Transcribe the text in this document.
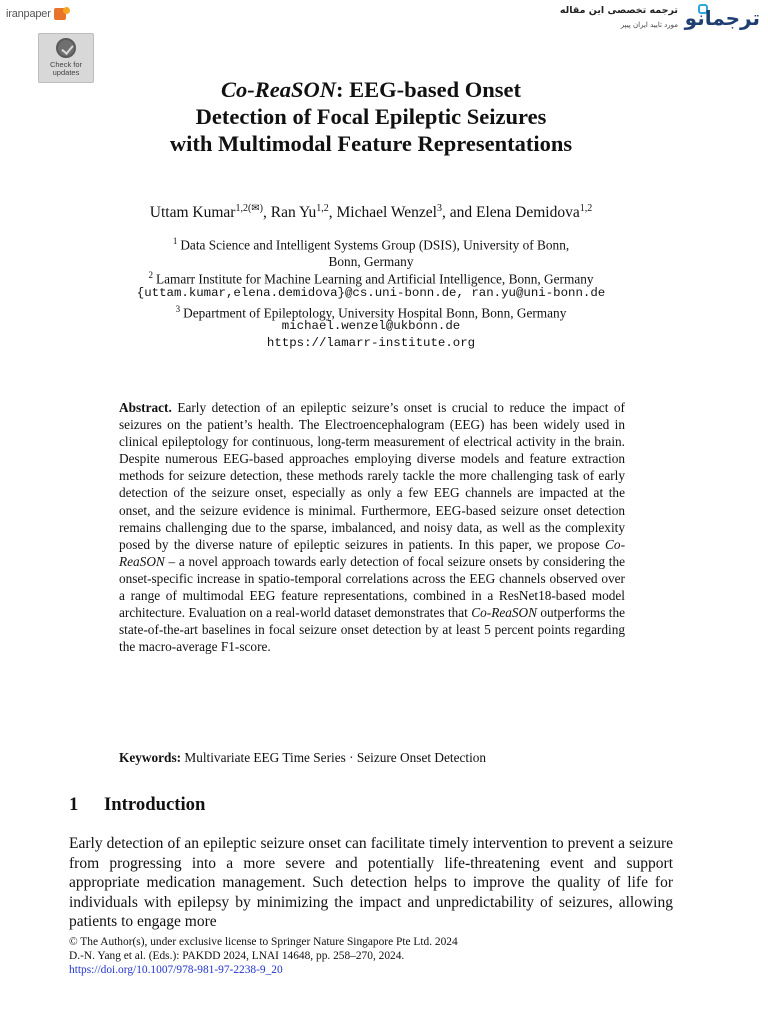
iranpaper
Check for
updates
ترجمه تخصصی این مقاله
مورد تایید ایران پیپر ترجمانو
Co-ReaSON: EEG-based Onset
Detection of Focal Epileptic Seizures
with Multimodal Feature Representations
Uttam Kumar$^{1,2(✉)}$, Ran Yu$^{1,2}$, Michael Wenzel$^3$, and Elena Demidova$^{1,2}$
$^1$ Data Science and Intelligent Systems Group (DSIS), University of Bonn,
Bonn, Germany
$^2$ Lamarr Institute for Machine Learning and Artificial Intelligence, Bonn, Germany
{uttam.kumar,elena.demidova}@cs.uni-bonn.de, ran.yu@uni-bonn.de
$^3$ Department of Epileptology, University Hospital Bonn, Bonn, Germany
michael.wenzel@ukbonn.de
https://lamarr-institute.org
Abstract. Early detection of an epileptic seizure’s onset is crucial to reduce the impact of seizures on the patient’s health. The Electroencephalogram (EEG) has been widely used in clinical epileptology for continuous, long-term measurement of electrical activity in the brain. Despite numerous EEG-based approaches employing diverse models and feature extraction methods for seizure detection, these methods rarely tackle the more challenging task of early detection of the seizure onset, especially as only a few EEG channels are impacted at the onset, and the seizure evidence is minimal. Furthermore, EEG-based seizure onset detection remains challenging due to the sparse, imbalanced, and noisy data, as well as the complexity posed by the diverse nature of epileptic seizures in patients. In this paper, we propose Co-ReaSON – a novel approach towards early detection of focal seizure onsets by considering the onset-specific increase in spatio-temporal correlations across the EEG channels observed over a range of multimodal EEG feature representations, combined in a ResNet18-based model architecture. Evaluation on a real-world dataset demonstrates that Co-ReaSON outperforms the state-of-the-art baselines in focal seizure onset detection by at least 5 percent points regarding the macro-average F1-score.
Keywords: Multivariate EEG Time Series · Seizure Onset Detection
1 Introduction
Early detection of an epileptic seizure onset can facilitate timely intervention to prevent a seizure from progressing into a more severe and potentially life-threatening event and support appropriate medication management. Such detection helps to improve the quality of life for individuals with epilepsy by minimizing the impact and unpredictability of seizures, allowing patients to engage more
© The Author(s), under exclusive license to Springer Nature Singapore Pte Ltd. 2024
D.-N. Yang et al. (Eds.): PAKDD 2024, LNAI 14648, pp. 258–270, 2024.
https://doi.org/10.1007/978-981-97-2238-9_20
